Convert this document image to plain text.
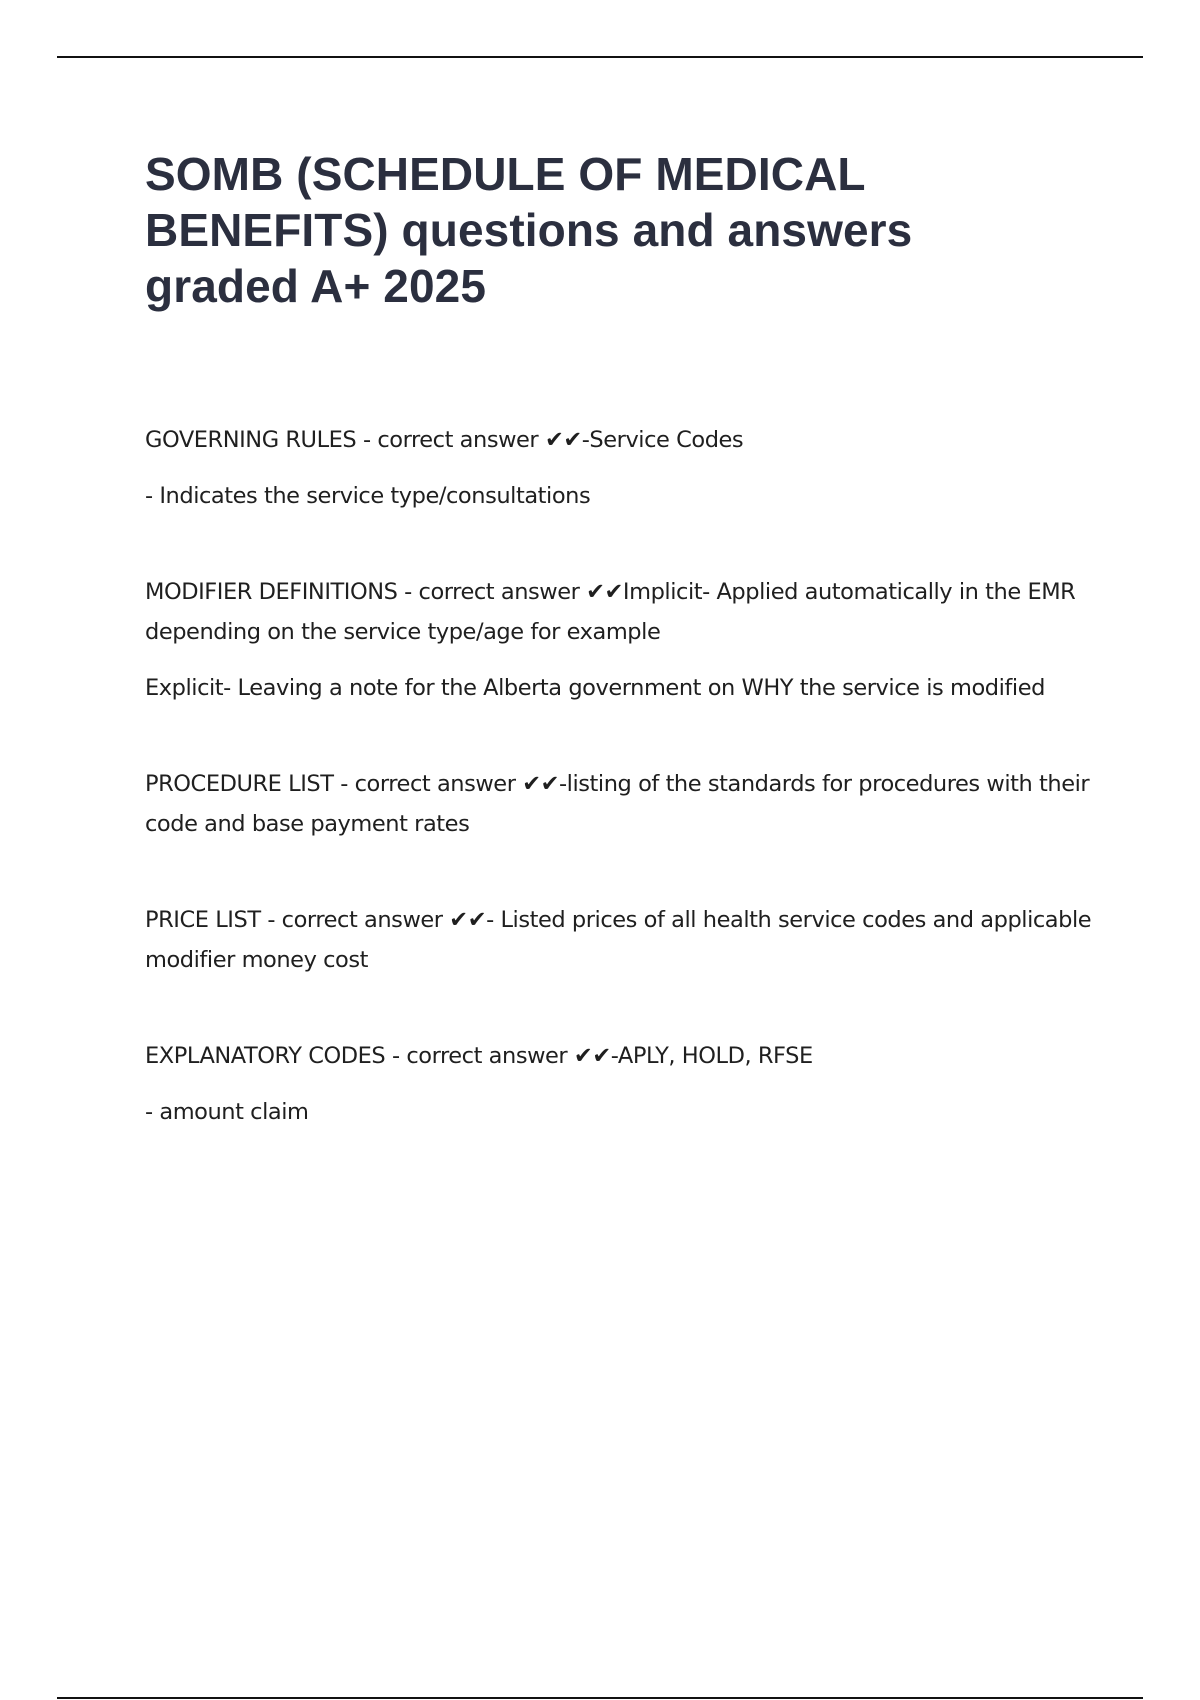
SOMB (SCHEDULE OF MEDICAL BENEFITS) questions and answers graded A+ 2025

GOVERNING RULES - correct answer ✔✔-Service Codes

- Indicates the service type/consultations

MODIFIER DEFINITIONS - correct answer ✔✔Implicit- Applied automatically in the EMR depending on the service type/age for example

Explicit- Leaving a note for the Alberta government on WHY the service is modified

PROCEDURE LIST - correct answer ✔✔-listing of the standards for procedures with their code and base payment rates

PRICE LIST - correct answer ✔✔- Listed prices of all health service codes and applicable modifier money cost

EXPLANATORY CODES - correct answer ✔✔-APLY, HOLD, RFSE

- amount claim
